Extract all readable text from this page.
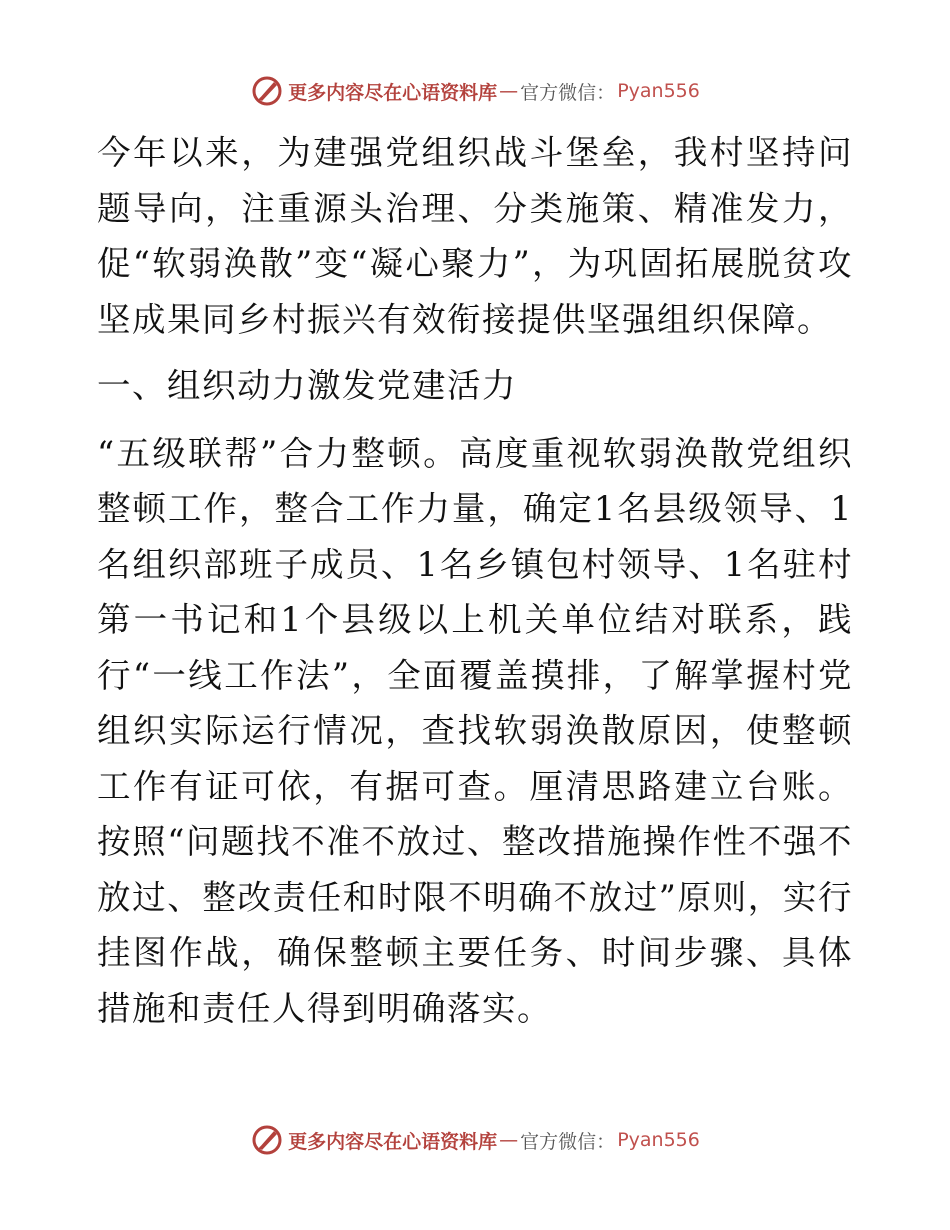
更多内容尽在心语资料库 — 官方微信： Pyan556

今年以来，为建强党组织战斗堡垒，我村坚持问题导向，注重源头治理、分类施策、精准发力，促“软弱涣散”变“凝心聚力”，为巩固拓展脱贫攻坚成果同乡村振兴有效衔接提供坚强组织保障。

一、组织动力激发党建活力

“五级联帮”合力整顿。高度重视软弱涣散党组织整顿工作，整合工作力量，确定1名县级领导、1名组织部班子成员、1名乡镇包村领导、1名驻村第一书记和1个县级以上机关单位结对联系，践行“一线工作法”，全面覆盖摸排，了解掌握村党组织实际运行情况，查找软弱涣散原因，使整顿工作有证可依，有据可查。厘清思路建立台账。按照“问题找不准不放过、整改措施操作性不强不放过、整改责任和时限不明确不放过”原则，实行挂图作战，确保整顿主要任务、时间步骤、具体措施和责任人得到明确落实。

更多内容尽在心语资料库 — 官方微信： Pyan556
